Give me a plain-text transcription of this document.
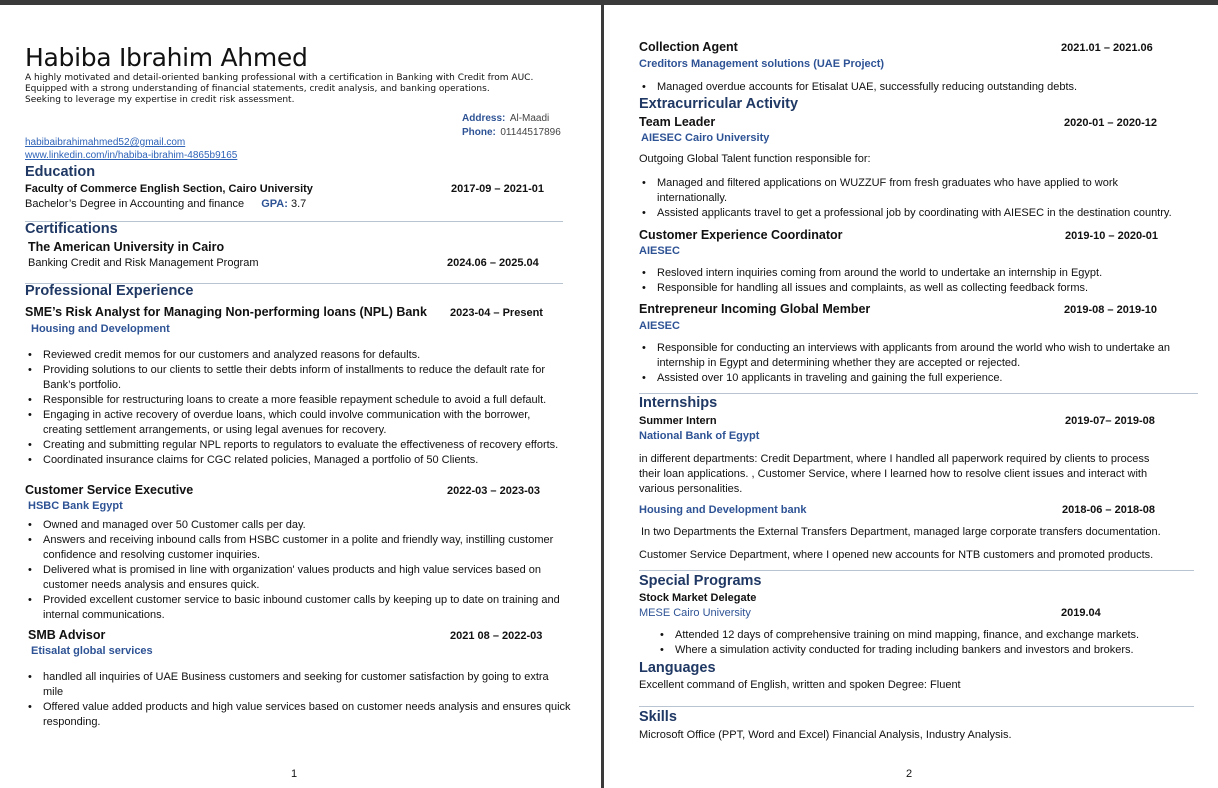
Habiba Ibrahim Ahmed
A highly motivated and detail-oriented banking professional with a certification in Banking with Credit from AUC.
Equipped with a strong understanding of financial statements, credit analysis, and banking operations.
Seeking to leverage my expertise in credit risk assessment.
Address: Al-Maadi
Phone: 01144517896
habibaibrahimahmed52@gmail.com
www.linkedin.com/in/habiba-ibrahim-4865b9165
Education
Faculty of Commerce English Section, Cairo University	2017-09 – 2021-01
Bachelor’s Degree in Accounting and finance GPA: 3.7
Certifications
The American University in Cairo
Banking Credit and Risk Management Program	2024.06 – 2025.04
Professional Experience
SME’s Risk Analyst for Managing Non-performing loans (NPL) Bank 2023-04 – Present
Housing and Development
• Reviewed credit memos for our customers and analyzed reasons for defaults.
• Providing solutions to our clients to settle their debts inform of installments to reduce the default rate for
Bank’s portfolio.
• Responsible for restructuring loans to create a more feasible repayment schedule to avoid a full default.
• Engaging in active recovery of overdue loans, which could involve communication with the borrower,
creating settlement arrangements, or using legal avenues for recovery.
• Creating and submitting regular NPL reports to regulators to evaluate the effectiveness of recovery efforts.
• Coordinated insurance claims for CGC related policies, Managed a portfolio of 50 Clients.
Customer Service Executive	2022-03 – 2023-03
HSBC Bank Egypt
• Owned and managed over 50 Customer calls per day.
• Answers and receiving inbound calls from HSBC customer in a polite and friendly way, instilling customer
confidence and resolving customer inquiries.
• Delivered what is promised in line with organization' values products and high value services based on
customer needs analysis and ensures quick.
• Provided excellent customer service to basic inbound customer calls by keeping up to date on training and
internal communications.
SMB Advisor	2021 08 – 2022-03
Etisalat global services
• handled all inquiries of UAE Business customers and seeking for customer satisfaction by going to extra
mile
• Offered value added products and high value services based on customer needs analysis and ensures quick
responding.
1
Collection Agent	2021.01 – 2021.06
Creditors Management solutions (UAE Project)
• Managed overdue accounts for Etisalat UAE, successfully reducing outstanding debts.
Extracurricular Activity
Team Leader	2020-01 – 2020-12
AIESEC Cairo University
Outgoing Global Talent function responsible for:
• Managed and filtered applications on WUZZUF from fresh graduates who have applied to work
internationally.
• Assisted applicants travel to get a professional job by coordinating with AIESEC in the destination country.
Customer Experience Coordinator	2019-10 – 2020-01
AIESEC
• Resloved intern inquiries coming from around the world to undertake an internship in Egypt.
• Responsible for handling all issues and complaints, as well as collecting feedback forms.
Entrepreneur Incoming Global Member	2019-08 – 2019-10
AIESEC
• Responsible for conducting an interviews with applicants from around the world who wish to undertake an
internship in Egypt and determining whether they are accepted or rejected.
• Assisted over 10 applicants in traveling and gaining the full experience.
Internships
Summer Intern	2019-07– 2019-08
National Bank of Egypt
in different departments: Credit Department, where I handled all paperwork required by clients to process
their loan applications. , Customer Service, where I learned how to resolve client issues and interact with
various personalities.
Housing and Development bank	2018-06 – 2018-08
In two Departments the External Transfers Department, managed large corporate transfers documentation.
Customer Service Department, where I opened new accounts for NTB customers and promoted products.
Special Programs
Stock Market Delegate
MESE Cairo University	2019.04
• Attended 12 days of comprehensive training on mind mapping, finance, and exchange markets.
• Where a simulation activity conducted for trading including bankers and investors and brokers.
Languages
Excellent command of English, written and spoken Degree: Fluent
Skills
Microsoft Office (PPT, Word and Excel) Financial Analysis, Industry Analysis.
2
